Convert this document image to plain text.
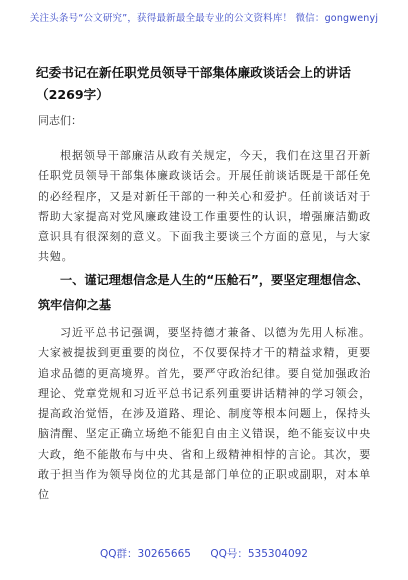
关注头条号“公文研究”，获得最新最全最专业的公文资料库！ 微信：gongwenyj
纪委书记在新任职党员领导干部集体廉政谈话会上的讲话（2269字）
同志们：
根据领导干部廉洁从政有关规定，今天，我们在这里召开新任职党员领导干部集体廉政谈话会。开展任前谈话既是干部任免的必经程序，又是对新任干部的一种关心和爱护。任前谈话对于帮助大家提高对党风廉政建设工作重要性的认识，增强廉洁勤政意识具有很深刻的意义。下面我主要谈三个方面的意见，与大家共勉。
一、谨记理想信念是人生的“压舱石”，要坚定理想信念、筑牢信仰之基
习近平总书记强调，要坚持德才兼备、以德为先用人标准。大家被提拔到更重要的岗位，不仅要保持才干的精益求精，更要追求品德的更高境界。首先，要严守政治纪律。要自觉加强政治理论、党章党规和习近平总书记系列重要讲话精神的学习领会，提高政治觉悟，在涉及道路、理论、制度等根本问题上，保持头脑清醒、坚定正确立场绝不能犯自由主义错误，绝不能妄议中央大政，绝不能散布与中央、省和上级精神相悖的言论。其次，要敢于担当作为领导岗位的尤其是部门单位的正职或副职，对本单位
QQ群：30265665 QQ号：535304092
